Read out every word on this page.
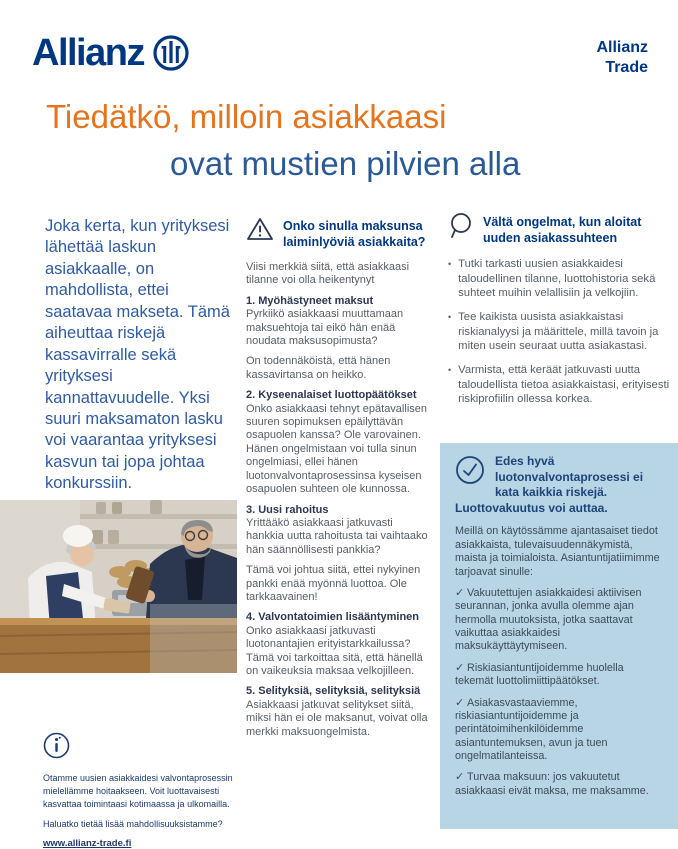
Allianz	Allianz
Trade
Tiedätkö, milloin asiakkaasi
ovat mustien pilvien alla
Joka kerta, kun yrityksesi lähettää laskun asiakkaalle, on mahdollista, ettei saatavaa makseta. Tämä aiheuttaa riskejä kassavirralle sekä yrityksesi kannattavuudelle. Yksi suuri maksamaton lasku voi vaarantaa yrityksesi kasvun tai jopa johtaa konkurssiin.

Otamme uusien asiakkaidesi valvontaprosessin mielellämme hoitaakseen. Voit luottavaisesti kasvattaa toimintaasi kotimaassa ja ulkomailla.

Haluatko tietää lisää mahdollisuuksistamme?

www.allianz-trade.fi
Onko sinulla maksunsa laiminlyöviä asiakkaita?

Viisi merkkiä siitä, että asiakkaasi tilanne voi olla heikentynyt

1. Myöhästyneet maksut

Pyrkiikö asiakkaasi muuttamaan maksuehtoja tai eikö hän enää noudata maksusopimusta?

On todennäköistä, että hänen kassavirtansa on heikko.

2. Kyseenalaiset luottopäätökset

Onko asiakkaasi tehnyt epätavallisen suuren sopimuksen epäilyttävän osapuolen kanssa? Ole varovainen. Hänen ongelmistaan voi tulla sinun ongelmiasi, ellei hänen luotonvalvontaprosessinsa kyseisen osapuolen suhteen ole kunnossa.

3. Uusi rahoitus

Yrittääkö asiakkaasi jatkuvasti hankkia uutta rahoitusta tai vaihtaako hän säännöllisesti pankkia?

Tämä voi johtua siitä, ettei nykyinen pankki enää myönnä luottoa. Ole tarkkaavainen!

4. Valvontatoimien lisääntyminen

Onko asiakkaasi jatkuvasti luotonantajien erityistarkkailussa? Tämä voi tarkoittaa sitä, että hänellä on vaikeuksia maksaa velkojilleen.

5. Selityksiä, selityksiä, selityksiä

Asiakkaasi jatkuvat selitykset siitä, miksi hän ei ole maksanut, voivat olla merkki maksuongelmista.

Vältä ongelmat, kun aloitat uuden asiakassuhteen
• Tutki tarkasti uusien asiakkaidesi taloudellinen tilanne, luottohistoria sekä suhteet muihin velallisiin ja velkojiin.
• Tee kaikista uusista asiakkaistasi riskianalyysi ja määrittele, millä tavoin ja miten usein seuraat uutta asiakastasi.
• Varmista, että keräät jatkuvasti uutta taloudellista tietoa asiakkaistasi, erityisesti riskiprofiilin ollessa korkea.
Edes hyvä luotonvalvontaprosessi ei kata kaikkia riskejä. Luottovakuutus voi auttaa.

Meillä on käytössämme ajantasaiset tiedot asiakkaista, tulevaisuudennäkymistä, maista ja toimialoista. Asiantuntijatiimimme tarjoavat sinulle:

✓ Vakuutettujen asiakkaidesi aktiivisen seurannan, jonka avulla olemme ajan hermolla muutoksista, jotka saattavat vaikuttaa asiakkaidesi maksukäyttäytymiseen.

✓ Riskiasiantuntijoidemme huolella tekemät luottolimiittipäätökset.

✓ Asiakasvastaaviemme, riskiasiantuntijoidemme ja perintätoimihenkilöidemme asiantuntemuksen, avun ja tuen ongelmatilanteissa.

✓ Turvaa maksuun: jos vakuutetut asiakkaasi eivät maksa, me maksamme.
